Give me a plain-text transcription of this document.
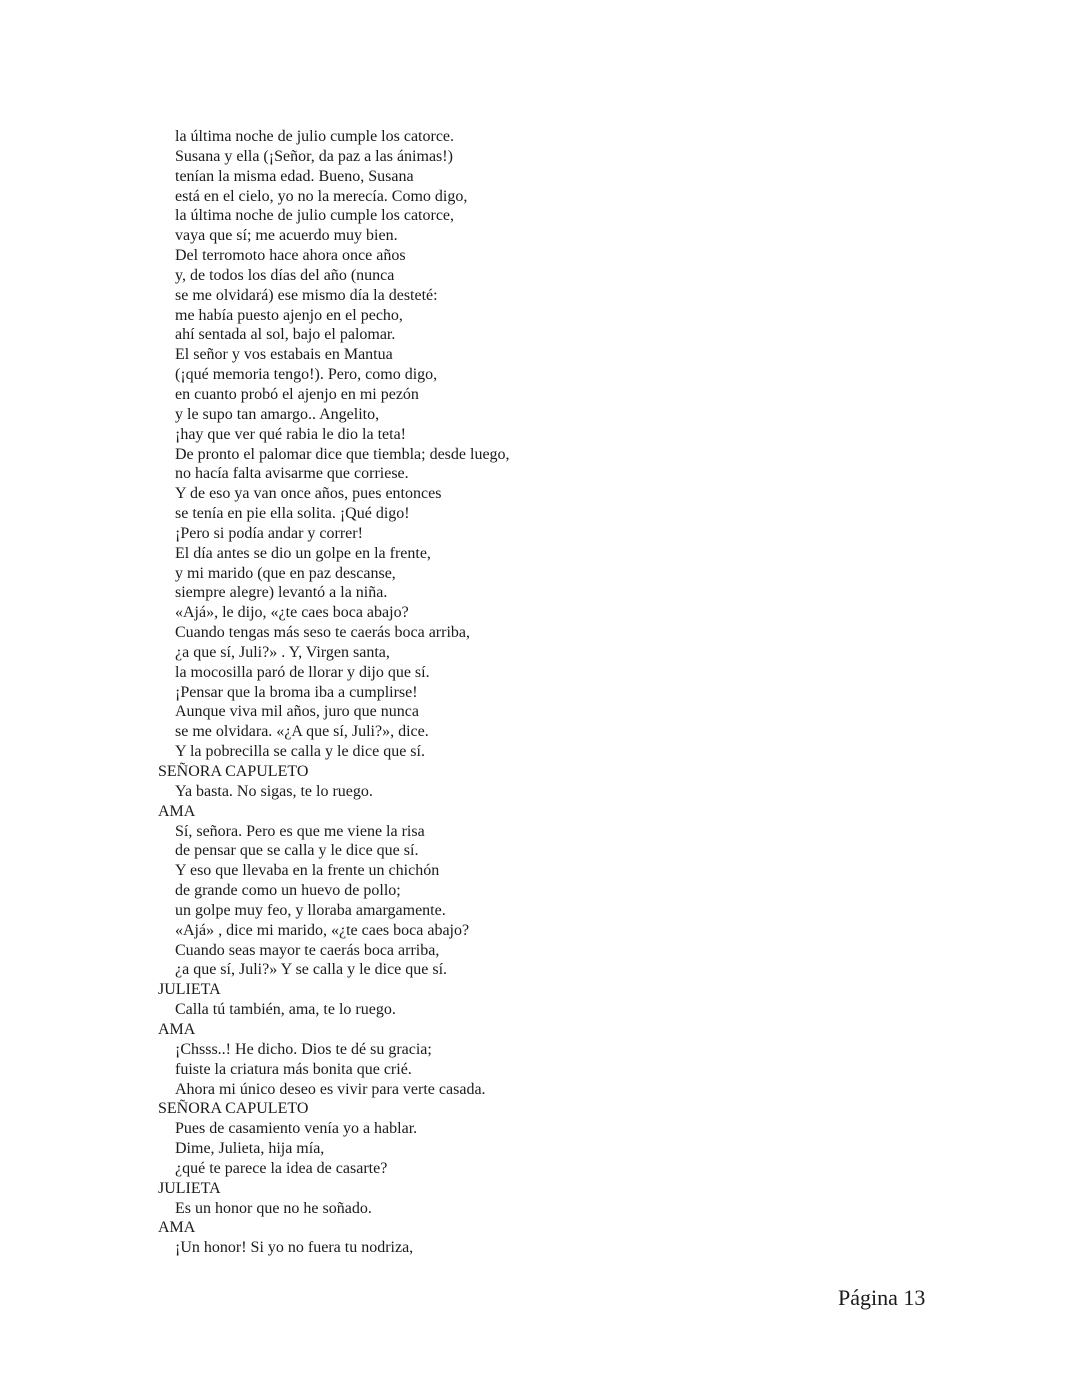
la última noche de julio cumple los catorce.
Susana y ella (¡Señor, da paz a las ánimas!)
tenían la misma edad. Bueno, Susana
está en el cielo, yo no la merecía. Como digo,
la última noche de julio cumple los catorce,
vaya que sí; me acuerdo muy bien.
Del terromoto hace ahora once años
y, de todos los días del año (nunca
se me olvidará) ese mismo día la desteté:
me había puesto ajenjo en el pecho,
ahí sentada al sol, bajo el palomar.
El señor y vos estabais en Mantua
(¡qué memoria tengo!). Pero, como digo,
en cuanto probó el ajenjo en mi pezón
y le supo tan amargo.. Angelito,
¡hay que ver qué rabia le dio la teta!
De pronto el palomar dice que tiembla; desde luego,
no hacía falta avisarme que corriese.
Y de eso ya van once años, pues entonces
se tenía en pie ella solita. ¡Qué digo!
¡Pero si podía andar y correr!
El día antes se dio un golpe en la frente,
y mi marido (que en paz descanse,
siempre alegre) levantó a la niña.
«Ajá», le dijo, «¿te caes boca abajo?
Cuando tengas más seso te caerás boca arriba,
¿a que sí, Juli?» . Y, Virgen santa,
la mocosilla paró de llorar y dijo que sí.
¡Pensar que la broma iba a cumplirse!
Aunque viva mil años, juro que nunca
se me olvidara. «¿A que sí, Juli?», dice.
Y la pobrecilla se calla y le dice que sí.
SEÑORA CAPULETO
Ya basta. No sigas, te lo ruego.
AMA
Sí, señora. Pero es que me viene la risa
de pensar que se calla y le dice que sí.
Y eso que llevaba en la frente un chichón
de grande como un huevo de pollo;
un golpe muy feo, y lloraba amargamente.
«Ajá» , dice mi marido, «¿te caes boca abajo?
Cuando seas mayor te caerás boca arriba,
¿a que sí, Juli?» Y se calla y le dice que sí.
JULIETA
Calla tú también, ama, te lo ruego.
AMA
¡Chsss..! He dicho. Dios te dé su gracia;
fuiste la criatura más bonita que crié.
Ahora mi único deseo es vivir para verte casada.
SEÑORA CAPULETO
Pues de casamiento venía yo a hablar.
Dime, Julieta, hija mía,
¿qué te parece la idea de casarte?
JULIETA
Es un honor que no he soñado.
AMA
¡Un honor! Si yo no fuera tu nodriza,
Página 13
